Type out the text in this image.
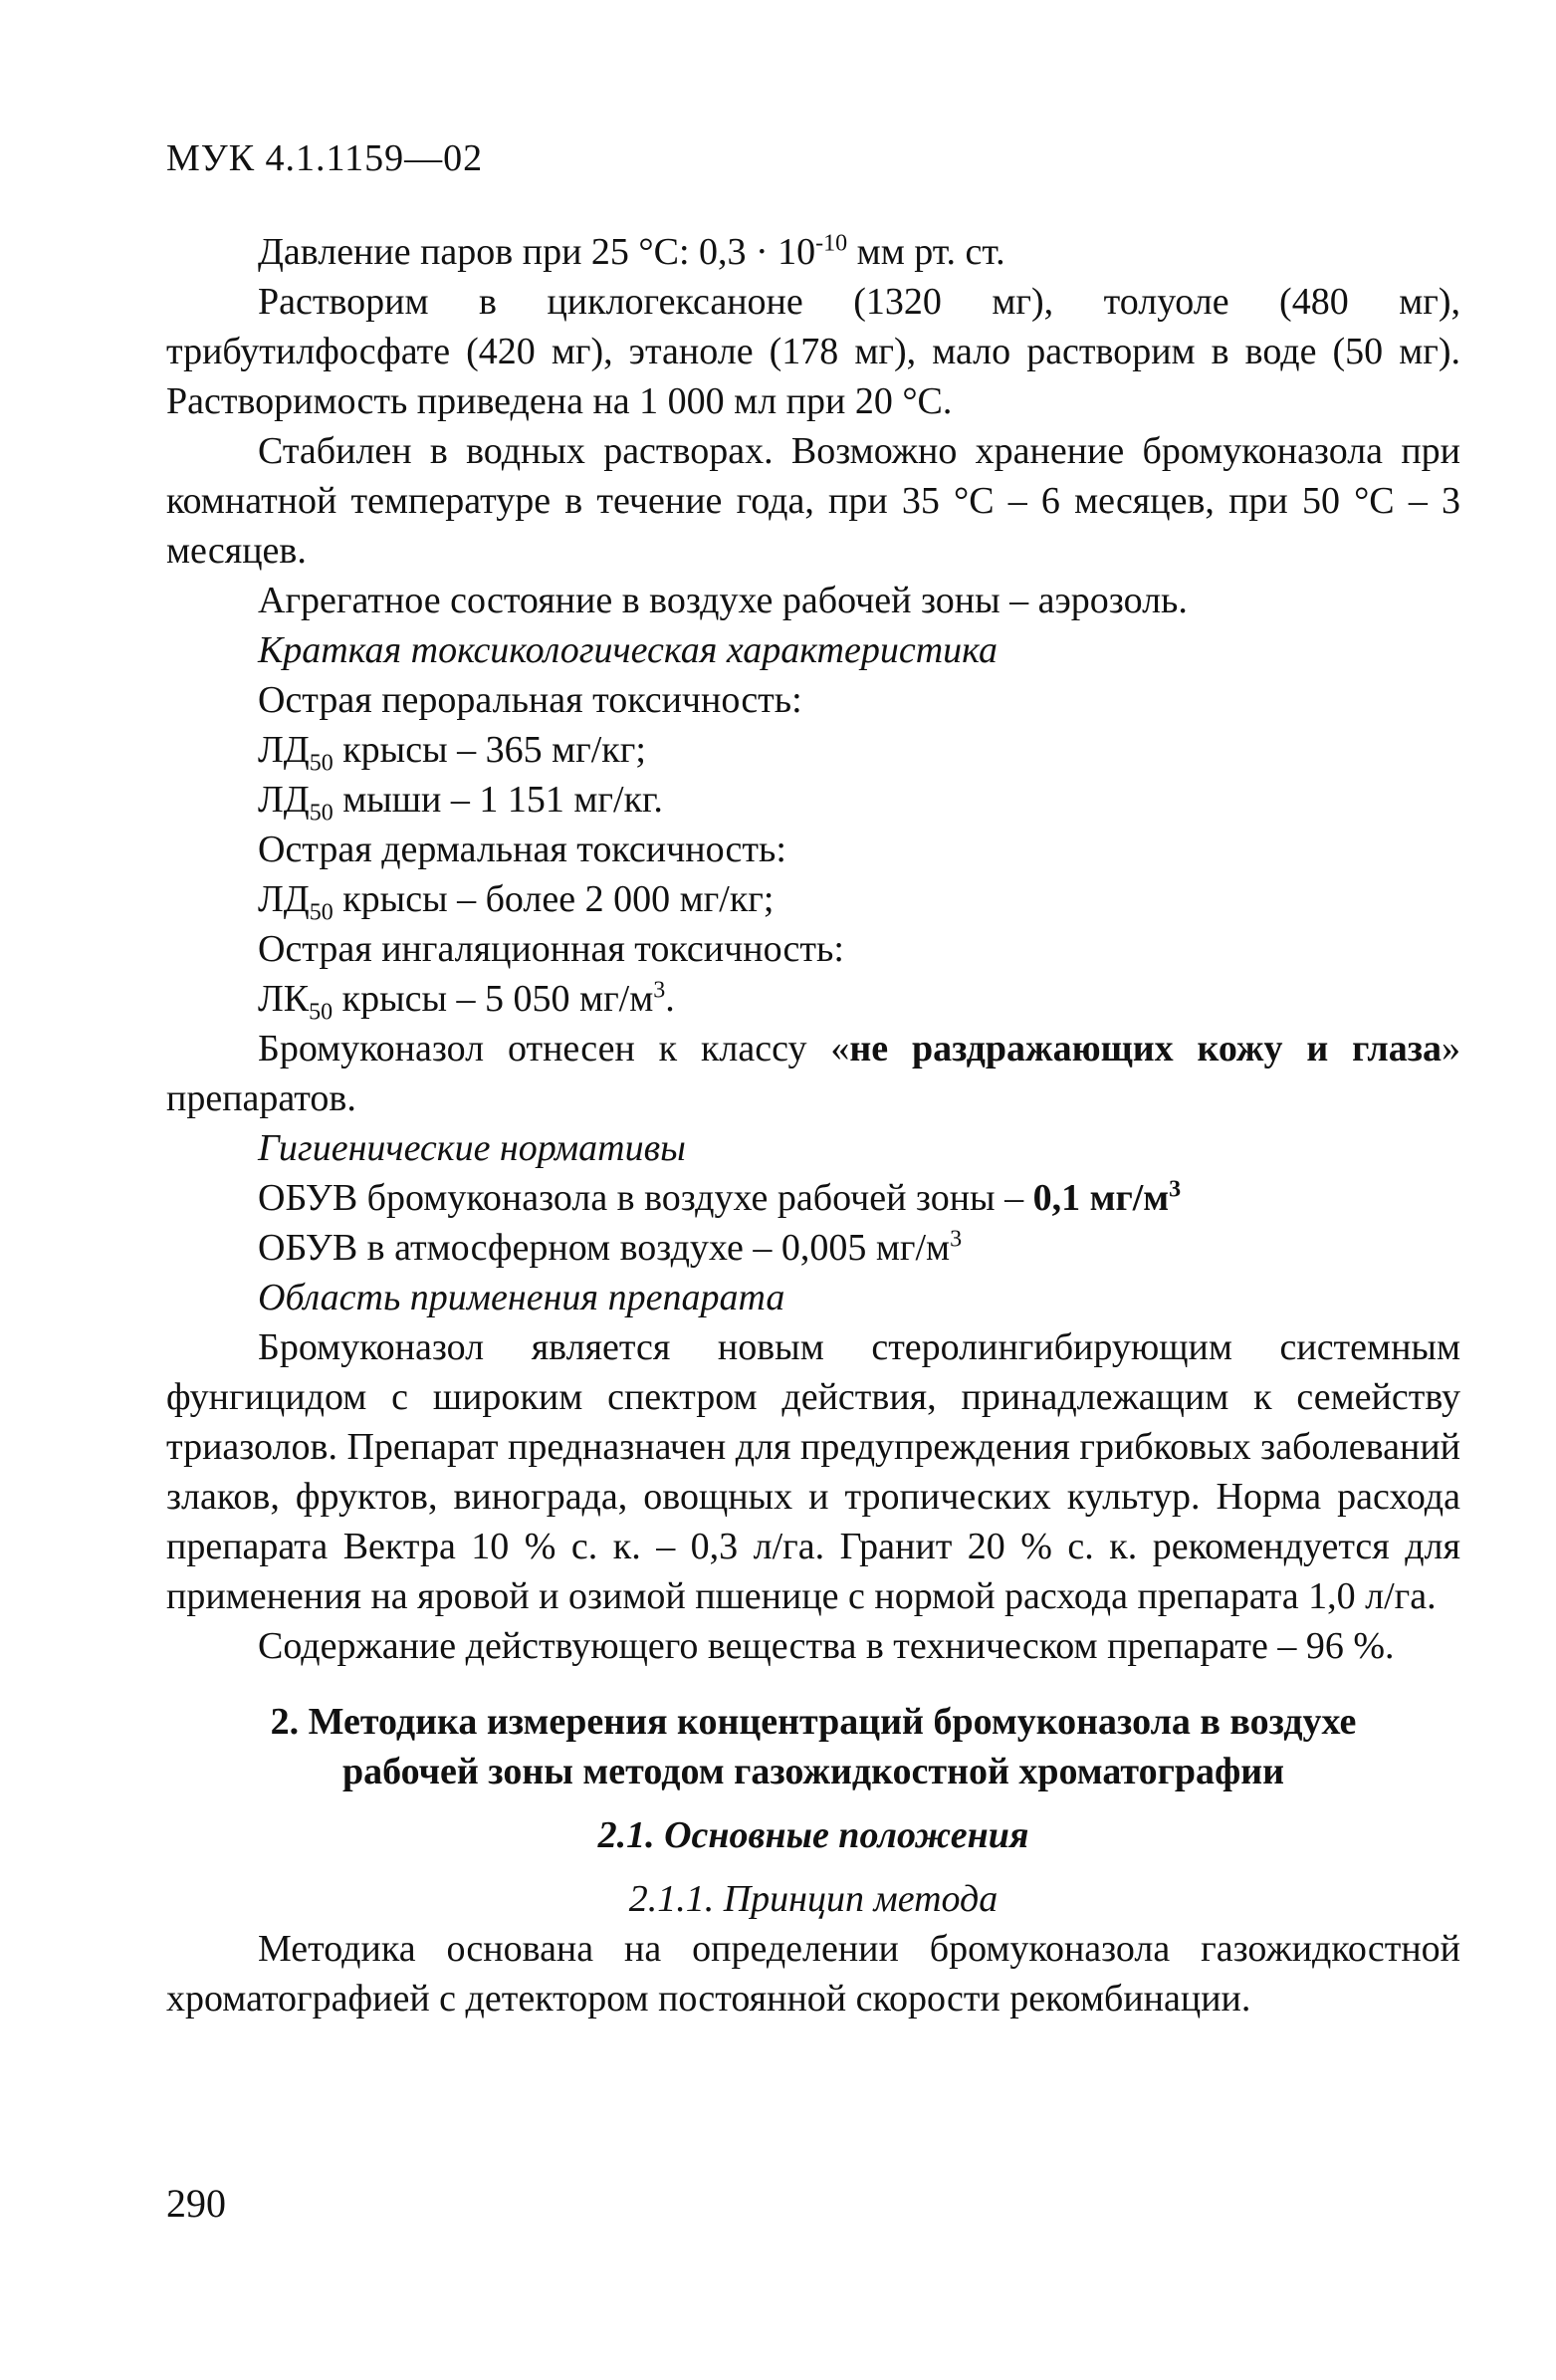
МУК 4.1.1159—02

Давление паров при 25 °С: $0,3 \cdot 10^{-10}$ мм рт. ст.

Растворим в циклогексаноне (1320 мг), толуоле (480 мг), трибутилфосфате (420 мг), этаноле (178 мг), мало растворим в воде (50 мг). Растворимость приведена на 1 000 мл при 20 °С.

Стабилен в водных растворах. Возможно хранение бромуконазола при комнатной температуре в течение года, при 35 °С – 6 месяцев, при 50 °С – 3 месяцев.

Агрегатное состояние в воздухе рабочей зоны – аэрозоль.

Краткая токсикологическая характеристика

Острая пероральная токсичность:

$ЛД_{50}$ крысы – 365 мг/кг;

$ЛД_{50}$ мыши – 1 151 мг/кг.

Острая дермальная токсичность:

$ЛД_{50}$ крысы – более 2 000 мг/кг;

Острая ингаляционная токсичность:

$ЛК_{50}$ крысы – 5 050 $мг/м^3$.

Бромуконазол отнесен к классу «не раздражающих кожу и глаза» препаратов.

Гигиенические нормативы

ОБУВ бромуконазола в воздухе рабочей зоны – 0,1 $мг/м^3$

ОБУВ в атмосферном воздухе – 0,005 $мг/м^3$

Область применения препарата

Бромуконазол является новым стеролингибирующим системным фунгицидом с широким спектром действия, принадлежащим к семейству триазолов. Препарат предназначен для предупреждения грибковых заболеваний злаков, фруктов, винограда, овощных и тропических культур. Норма расхода препарата Вектра 10 % с. к. – 0,3 л/га. Гранит 20 % с. к. рекомендуется для применения на яровой и озимой пшенице с нормой расхода препарата 1,0 л/га.

Содержание действующего вещества в техническом препарате – 96 %.

2. Методика измерения концентраций бромуконазола в воздухе рабочей зоны методом газожидкостной хроматографии
2.1. Основные положения
2.1.1. Принцип метода

Методика основана на определении бромуконазола газожидкостной хроматографией с детектором постоянной скорости рекомбинации.

290
